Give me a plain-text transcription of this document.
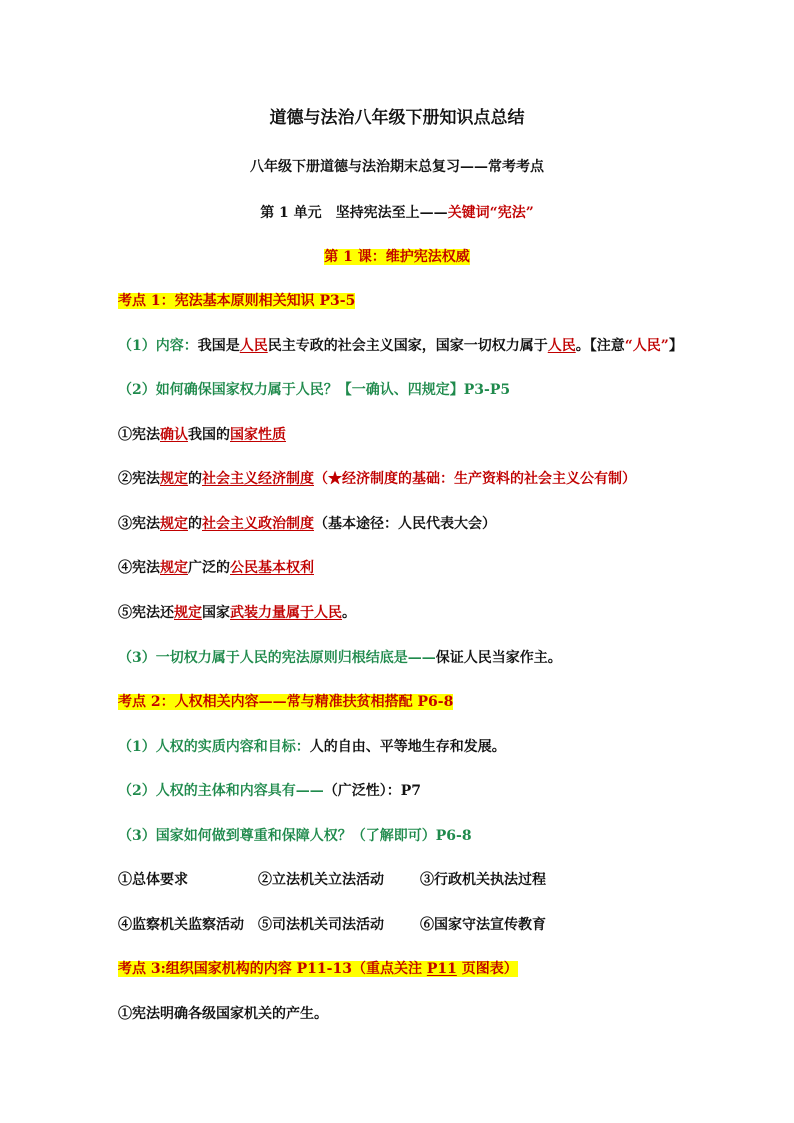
道德与法治八年级下册知识点总结
八年级下册道德与法治期末总复习——常考考点
第 1 单元　坚持宪法至上——关键词“宪法”
第 1 课：维护宪法权威
考点 1：宪法基本原则相关知识 P3-5
（1）内容：我国是人民民主专政的社会主义国家，国家一切权力属于人民。【注意“人民”】
（2）如何确保国家权力属于人民？【一确认、四规定】P3-P5
①宪法确认我国的国家性质
②宪法规定的社会主义经济制度（★经济制度的基础：生产资料的社会主义公有制）
③宪法规定的社会主义政治制度（基本途径：人民代表大会）
④宪法规定广泛的公民基本权利
⑤宪法还规定国家武装力量属于人民。
（3）一切权力属于人民的宪法原则归根结底是——保证人民当家作主。
考点 2：人权相关内容——常与精准扶贫相搭配 P6-8
（1）人权的实质内容和目标：人的自由、平等地生存和发展。
（2）人权的主体和内容具有——（广泛性）：P7
（3）国家如何做到尊重和保障人权？（了解即可）P6-8
①总体要求	②立法机关立法活动	③行政机关执法过程
④监察机关监察活动 ⑤司法机关司法活动	⑥国家守法宣传教育
考点 3:组织国家机构的内容 P11-13（重点关注 P11 页图表）
①宪法明确各级国家机关的产生。
